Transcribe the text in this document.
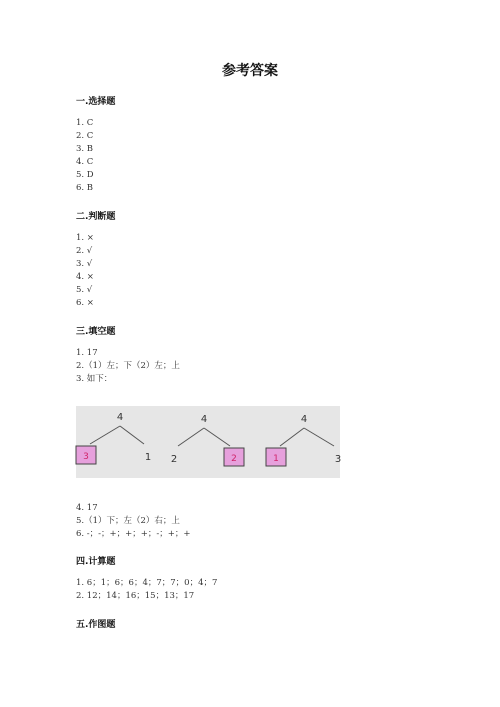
参考答案
一.选择题
1. C
2. C
3. B
4. C
5. D
6. B
二.判断题
1. ×
2. √
3. √
4. ×
5. √
6. ×
三.填空题
1. 17
2.（1）左；下（2）左；上
3. 如下：
4
3	1
4
2	2
4
1	3
4. 17
5.（1）下；左（2）右；上
6. -；-；+；+；+；-；+；+
四.计算题
1. 6；1；6；6；4；7；7；0；4；7
2. 12；14；16；15；13；17
五.作图题
